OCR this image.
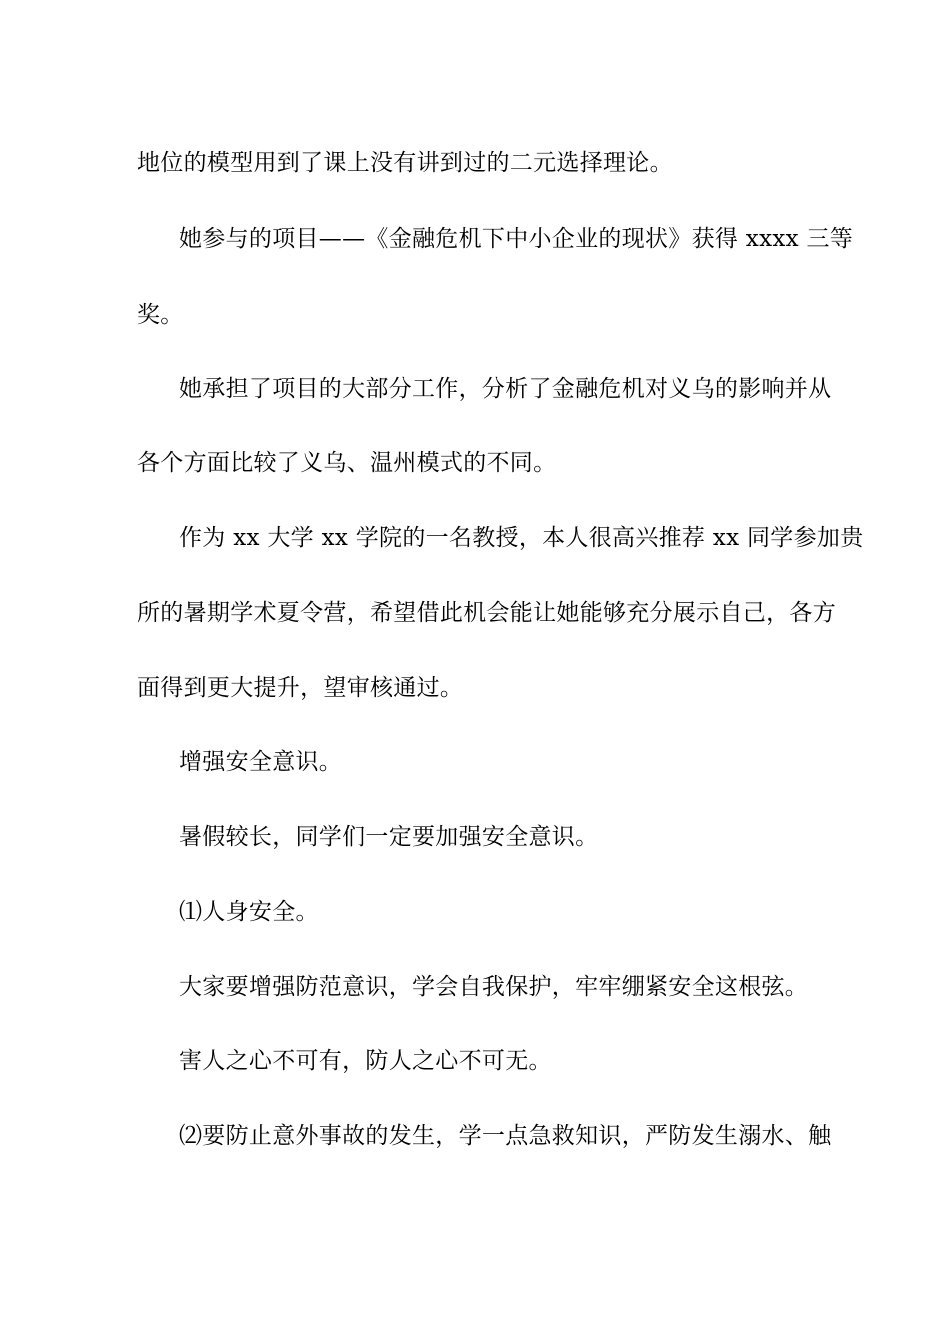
地位的模型用到了课上没有讲到过的二元选择理论。
她参与的项目——《金融危机下中小企业的现状》获得 xxxx 三等
奖。
她承担了项目的大部分工作，分析了金融危机对义乌的影响并从
各个方面比较了义乌、温州模式的不同。
作为 xx 大学 xx 学院的一名教授，本人很高兴推荐 xx 同学参加贵
所的暑期学术夏令营，希望借此机会能让她能够充分展示自己，各方
面得到更大提升，望审核通过。
增强安全意识。
暑假较长，同学们一定要加强安全意识。
⑴人身安全。
大家要增强防范意识，学会自我保护，牢牢绷紧安全这根弦。
害人之心不可有，防人之心不可无。
⑵要防止意外事故的发生，学一点急救知识，严防发生溺水、触
